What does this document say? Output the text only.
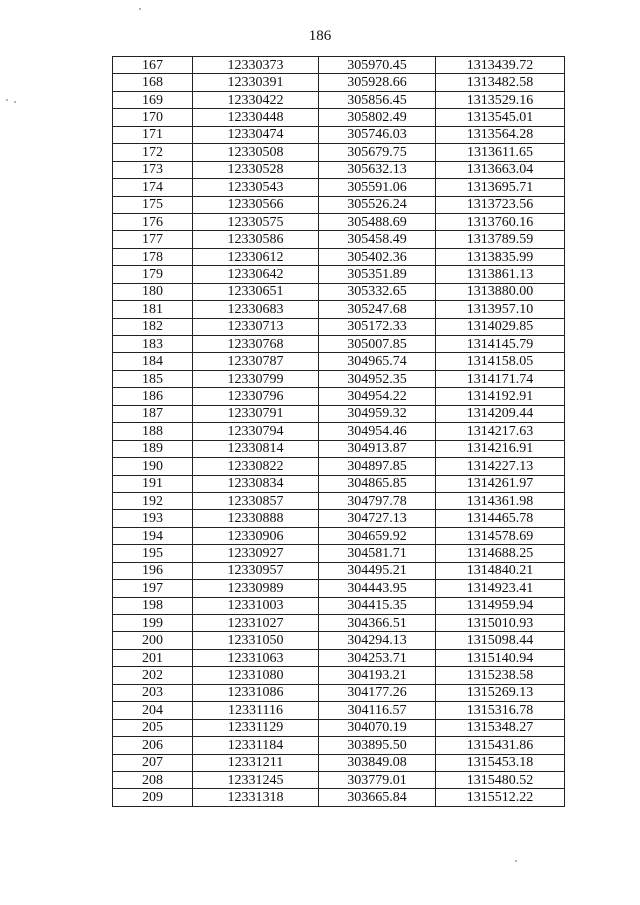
186
167	12330373	305970.45	1313439.72
168	12330391	305928.66	1313482.58
169	12330422	305856.45	1313529.16
170	12330448	305802.49	1313545.01
171	12330474	305746.03	1313564.28
172	12330508	305679.75	1313611.65
173	12330528	305632.13	1313663.04
174	12330543	305591.06	1313695.71
175	12330566	305526.24	1313723.56
176	12330575	305488.69	1313760.16
177	12330586	305458.49	1313789.59
178	12330612	305402.36	1313835.99
179	12330642	305351.89	1313861.13
180	12330651	305332.65	1313880.00
181	12330683	305247.68	1313957.10
182	12330713	305172.33	1314029.85
183	12330768	305007.85	1314145.79
184	12330787	304965.74	1314158.05
185	12330799	304952.35	1314171.74
186	12330796	304954.22	1314192.91
187	12330791	304959.32	1314209.44
188	12330794	304954.46	1314217.63
189	12330814	304913.87	1314216.91
190	12330822	304897.85	1314227.13
191	12330834	304865.85	1314261.97
192	12330857	304797.78	1314361.98
193	12330888	304727.13	1314465.78
194	12330906	304659.92	1314578.69
195	12330927	304581.71	1314688.25
196	12330957	304495.21	1314840.21
197	12330989	304443.95	1314923.41
198	12331003	304415.35	1314959.94
199	12331027	304366.51	1315010.93
200	12331050	304294.13	1315098.44
201	12331063	304253.71	1315140.94
202	12331080	304193.21	1315238.58
203	12331086	304177.26	1315269.13
204	12331116	304116.57	1315316.78
205	12331129	304070.19	1315348.27
206	12331184	303895.50	1315431.86
207	12331211	303849.08	1315453.18
208	12331245	303779.01	1315480.52
209	12331318	303665.84	1315512.22
